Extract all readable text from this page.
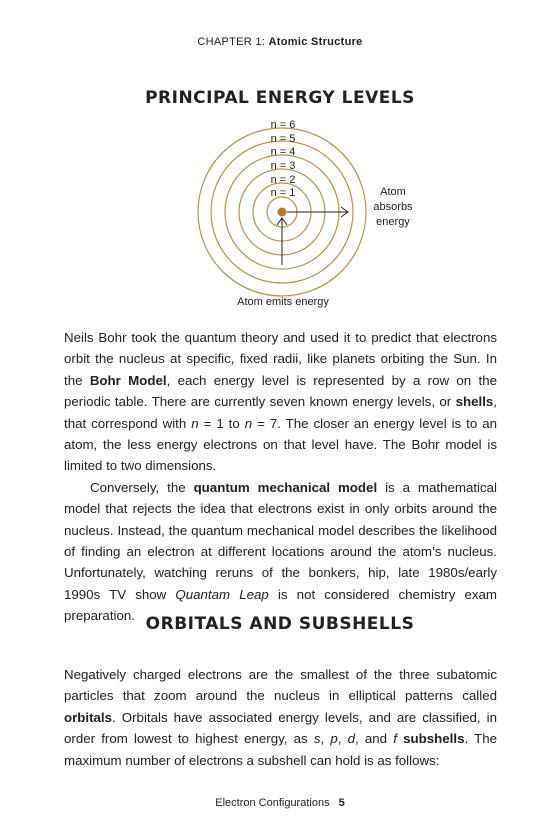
CHAPTER 1: Atomic Structure
PRINCIPAL ENERGY LEVELS
n = 6
n = 5
n = 4
n = 3
n = 2
n = 1	Atom
absorbs
energy
Atom emits energy

Neils Bohr took the quantum theory and used it to predict that electrons orbit the nucleus at specific, fixed radii, like planets orbiting the Sun. In the Bohr Model, each energy level is represented by a row on the periodic table. There are currently seven known energy levels, or shells, that correspond with n = 1 to n = 7. The closer an energy level is to an atom, the less energy electrons on that level have. The Bohr model is limited to two dimensions.

Conversely, the quantum mechanical model is a mathematical model that rejects the idea that electrons exist in only orbits around the nucleus. Instead, the quantum mechanical model describes the likelihood of finding an electron at different locations around the atom’s nucleus. Unfortunately, watching reruns of the bonkers, hip, late 1980s/early 1990s TV show Quantam Leap is not considered chemistry exam preparation. ORBITALS AND SUBSHELLS

Negatively charged electrons are the smallest of the three subatomic particles that zoom around the nucleus in elliptical patterns called orbitals. Orbitals have associated energy levels, and are classified, in order from lowest to highest energy, as s, p, d, and f subshells. The maximum number of electrons a subshell can hold is as follows:

Electron Configurations 5
